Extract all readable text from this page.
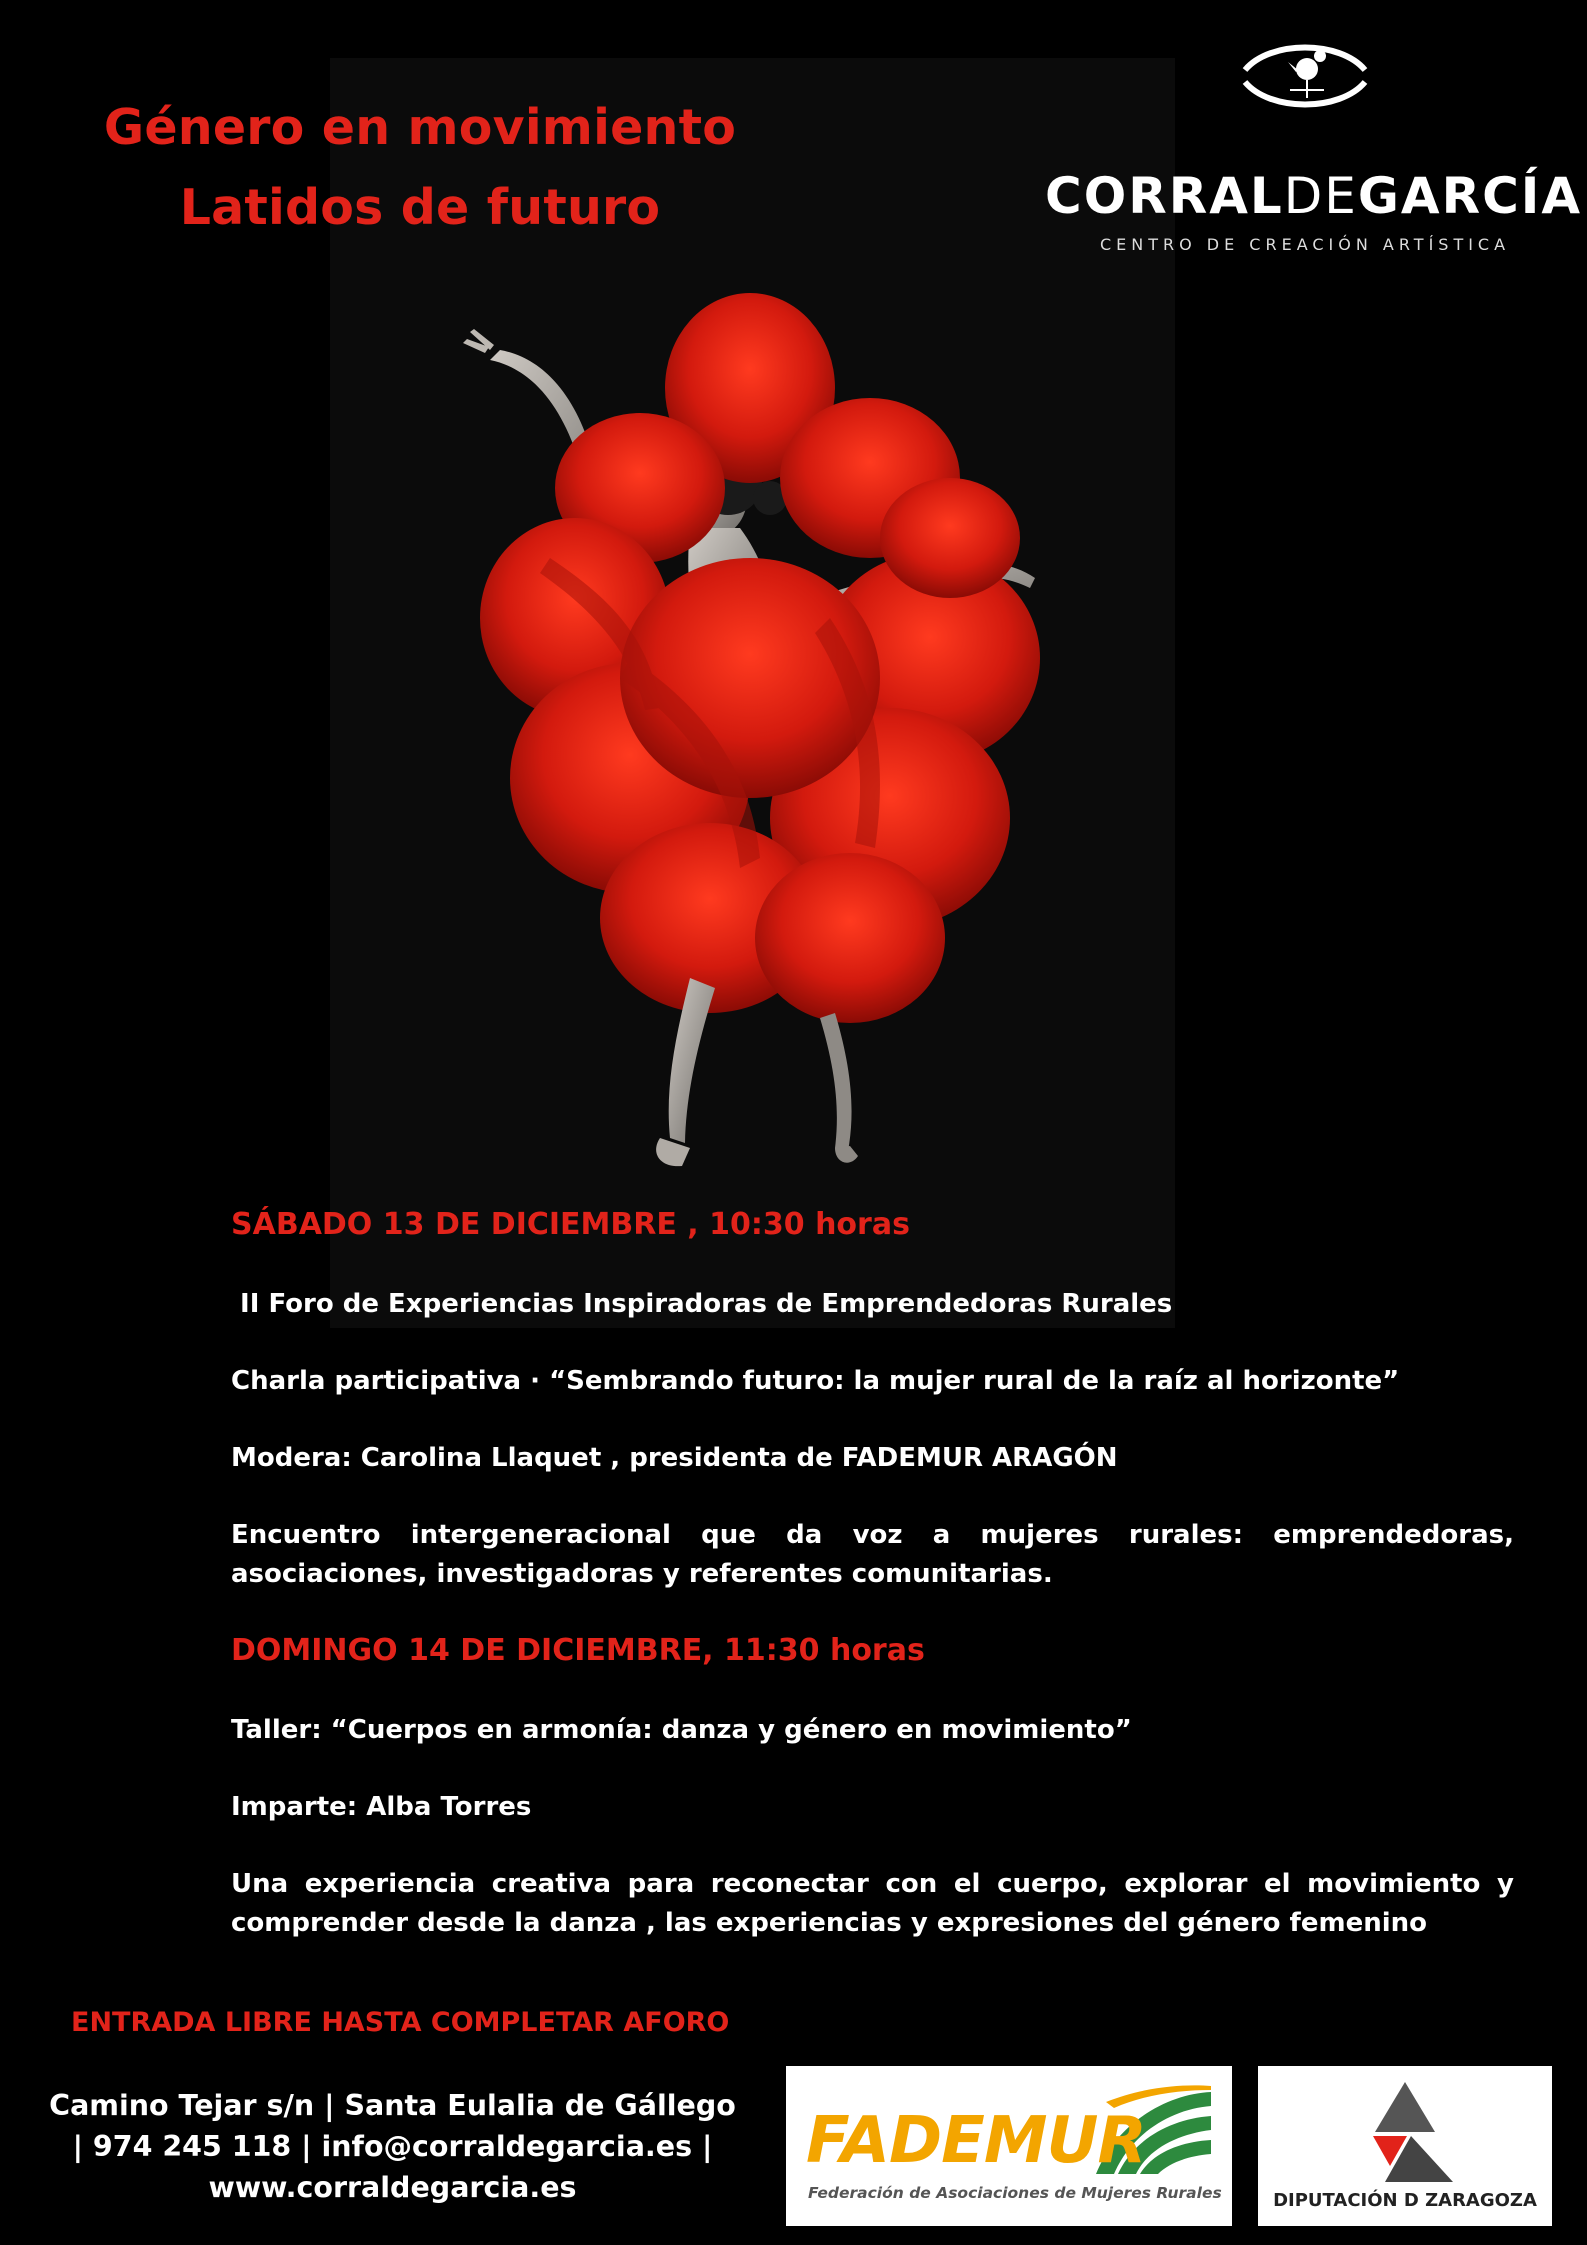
Género en movimiento
Latidos de futuro	CORRALDEGARCÍA
CENTRO DE CREACIÓN ARTÍSTICA
SÁBADO 13 DE DICIEMBRE , 10:30 horas
II Foro de Experiencias Inspiradoras de Emprendedoras Rurales
Charla participativa · “Sembrando futuro: la mujer rural de la raíz al horizonte”
Modera: Carolina Llaquet , presidenta de FADEMUR ARAGÓN
Encuentro intergeneracional que da voz a mujeres rurales: emprendedoras, asociaciones, investigadoras y referentes comunitarias.
DOMINGO 14 DE DICIEMBRE, 11:30 horas
Taller: “Cuerpos en armonía: danza y género en movimiento”
Imparte: Alba Torres
Una experiencia creativa para reconectar con el cuerpo, explorar el movimiento y comprender desde la danza , las experiencias y expresiones del género femenino
ENTRADA LIBRE HASTA COMPLETAR AFORO
Camino Tejar s/n | Santa Eulalia de Gállego
| 974 245 118 | info@corraldegarcia.es |
www.corraldegarcia.es
FADEMUR
Federación de Asociaciones de Mujeres Rurales	DIPUTACIÓN D ZARAGOZA
